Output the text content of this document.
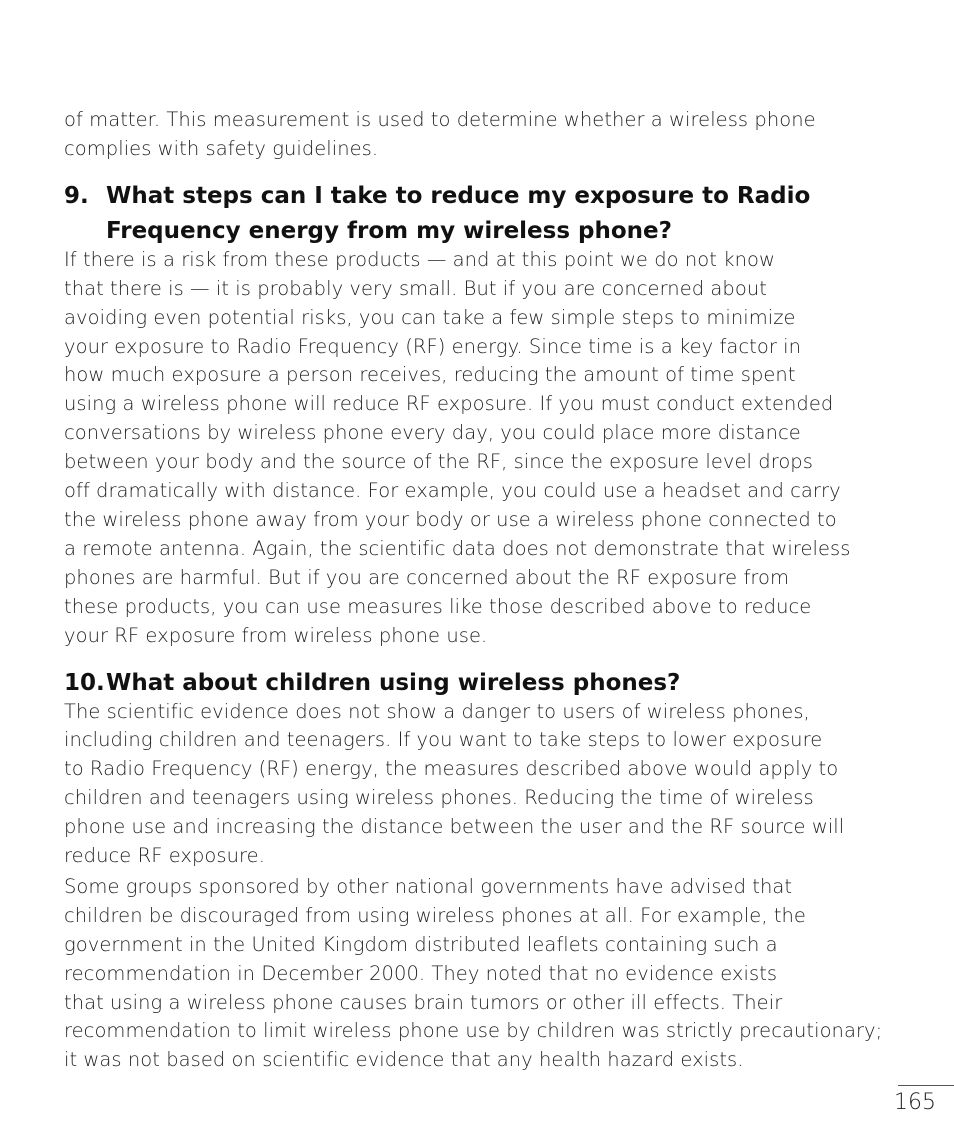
of matter. This measurement is used to determine whether a wireless phone
complies with safety guidelines.

9. What steps can I take to reduce my exposure to Radio
Frequency energy from my wireless phone?

If there is a risk from these products — and at this point we do not know
that there is — it is probably very small. But if you are concerned about
avoiding even potential risks, you can take a few simple steps to minimize
your exposure to Radio Frequency (RF) energy. Since time is a key factor in
how much exposure a person receives, reducing the amount of time spent
using a wireless phone will reduce RF exposure. If you must conduct extended
conversations by wireless phone every day, you could place more distance
between your body and the source of the RF, since the exposure level drops
off dramatically with distance. For example, you could use a headset and carry
the wireless phone away from your body or use a wireless phone connected to
a remote antenna. Again, the scientific data does not demonstrate that wireless
phones are harmful. But if you are concerned about the RF exposure from
these products, you can use measures like those described above to reduce
your RF exposure from wireless phone use.

10. What about children using wireless phones?

The scientific evidence does not show a danger to users of wireless phones,
including children and teenagers. If you want to take steps to lower exposure
to Radio Frequency (RF) energy, the measures described above would apply to
children and teenagers using wireless phones. Reducing the time of wireless
phone use and increasing the distance between the user and the RF source will
reduce RF exposure.

Some groups sponsored by other national governments have advised that
children be discouraged from using wireless phones at all. For example, the
government in the United Kingdom distributed leaflets containing such a
recommendation in December 2000. They noted that no evidence exists
that using a wireless phone causes brain tumors or other ill effects. Their
recommendation to limit wireless phone use by children was strictly precautionary;
it was not based on scientific evidence that any health hazard exists.

165
